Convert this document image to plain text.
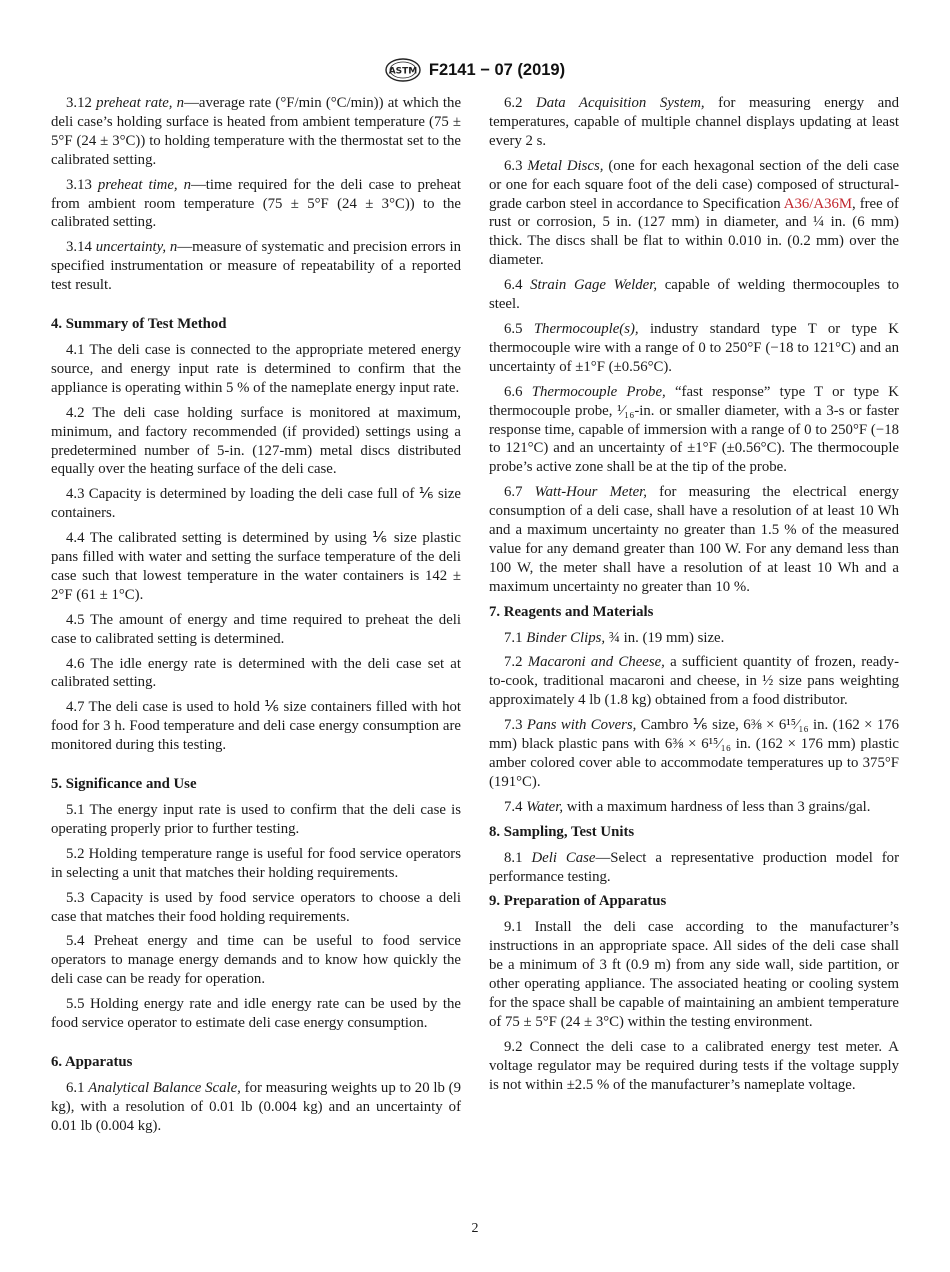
ASTM F2141 − 07 (2019)

3.12 preheat rate, n—average rate (°F/min (°C/min)) at which the deli case’s holding surface is heated from ambient temperature (75 ± 5°F (24 ± 3°C)) to holding temperature with the thermostat set to the calibrated setting.

3.13 preheat time, n—time required for the deli case to preheat from ambient room temperature (75 ± 5°F (24 ± 3°C)) to the calibrated setting.

3.14 uncertainty, n—measure of systematic and precision errors in specified instrumentation or measure of repeatability of a reported test result.

4. Summary of Test Method

4.1 The deli case is connected to the appropriate metered energy source, and energy input rate is determined to confirm that the appliance is operating within 5 % of the nameplate energy input rate.

4.2 The deli case holding surface is monitored at maximum, minimum, and factory recommended (if provided) settings using a predetermined number of 5-in. (127-mm) metal discs distributed equally over the heating surface of the deli case.

4.3 Capacity is determined by loading the deli case full of ⅙ size containers.

4.4 The calibrated setting is determined by using ⅙ size plastic pans filled with water and setting the surface temperature of the deli case such that lowest temperature in the water containers is 142 ± 2°F (61 ± 1°C).

4.5 The amount of energy and time required to preheat the deli case to calibrated setting is determined.

4.6 The idle energy rate is determined with the deli case set at calibrated setting.

4.7 The deli case is used to hold ⅙ size containers filled with hot food for 3 h. Food temperature and deli case energy consumption are monitored during this testing.

5. Significance and Use

5.1 The energy input rate is used to confirm that the deli case is operating properly prior to further testing.

5.2 Holding temperature range is useful for food service operators in selecting a unit that matches their holding requirements.

5.3 Capacity is used by food service operators to choose a deli case that matches their food holding requirements.

5.4 Preheat energy and time can be useful to food service operators to manage energy demands and to know how quickly the deli case can be ready for operation.

5.5 Holding energy rate and idle energy rate can be used by the food service operator to estimate deli case energy consumption.

6. Apparatus

6.1 Analytical Balance Scale, for measuring weights up to 20 lb (9 kg), with a resolution of 0.01 lb (0.004 kg) and an uncertainty of 0.01 lb (0.004 kg).

6.2 Data Acquisition System, for measuring energy and temperatures, capable of multiple channel displays updating at least every 2 s.

6.3 Metal Discs, (one for each hexagonal section of the deli case or one for each square foot of the deli case) composed of structural-grade carbon steel in accordance to Specification A36/A36M, free of rust or corrosion, 5 in. (127 mm) in diameter, and ¼ in. (6 mm) thick. The discs shall be flat to within 0.010 in. (0.2 mm) over the diameter.

6.4 Strain Gage Welder, capable of welding thermocouples to steel.

6.5 Thermocouple(s), industry standard type T or type K thermocouple wire with a range of 0 to 250°F (−18 to 121°C) and an uncertainty of ±1°F (±0.56°C).

6.6 Thermocouple Probe, “fast response” type T or type K thermocouple probe, ¹⁄₁₆-in. or smaller diameter, with a 3-s or faster response time, capable of immersion with a range of 0 to 250°F (−18 to 121°C) and an uncertainty of ±1°F (±0.56°C). The thermocouple probe’s active zone shall be at the tip of the probe.

6.7 Watt-Hour Meter, for measuring the electrical energy consumption of a deli case, shall have a resolution of at least 10 Wh and a maximum uncertainty no greater than 1.5 % of the measured value for any demand greater than 100 W. For any demand less than 100 W, the meter shall have a resolution of at least 10 Wh and a maximum uncertainty no greater than 10 %.

7. Reagents and Materials

7.1 Binder Clips, ¾ in. (19 mm) size.

7.2 Macaroni and Cheese, a sufficient quantity of frozen, ready-to-cook, traditional macaroni and cheese, in ½ size pans weighting approximately 4 lb (1.8 kg) obtained from a food distributor.

7.3 Pans with Covers, Cambro ⅙ size, 6⅜ × 6¹⁵⁄₁₆ in. (162 × 176 mm) black plastic pans with 6⅜ × 6¹⁵⁄₁₆ in. (162 × 176 mm) plastic amber colored cover able to accommodate temperatures up to 375°F (191°C).

7.4 Water, with a maximum hardness of less than 3 grains/gal.

8. Sampling, Test Units

8.1 Deli Case—Select a representative production model for performance testing.

9. Preparation of Apparatus

9.1 Install the deli case according to the manufacturer’s instructions in an appropriate space. All sides of the deli case shall be a minimum of 3 ft (0.9 m) from any side wall, side partition, or other operating appliance. The associated heating or cooling system for the space shall be capable of maintaining an ambient temperature of 75 ± 5°F (24 ± 3°C) within the testing environment.

9.2 Connect the deli case to a calibrated energy test meter. A voltage regulator may be required during tests if the voltage supply is not within ±2.5 % of the manufacturer’s nameplate voltage.

2
